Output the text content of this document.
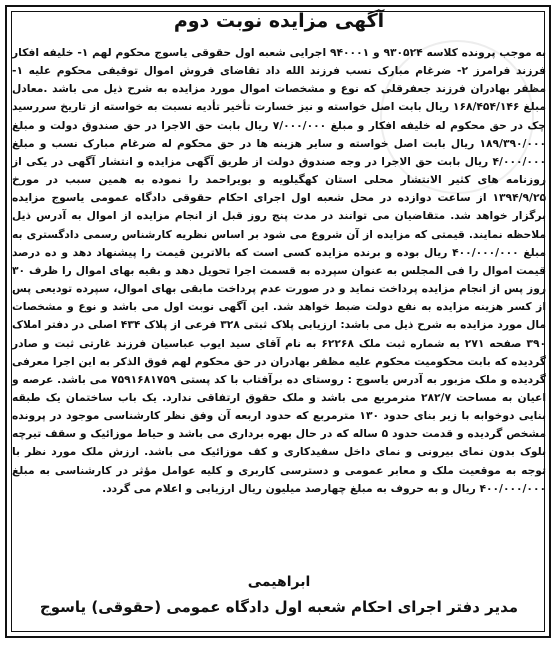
آگهی مزایده نوبت دوم

به موجب پرونده کلاسه ۹۳۰۵۲۴ و ۹۴۰۰۰۱ اجرایی شعبه اول حقوقی یاسوج محکوم لهم ۱- خلیفه افکار فرزند فرامرز ۲- ضرغام مبارک نسب فرزند الله داد تقاضای فروش اموال توقیفی محکوم علیه ۱- مظفر بهادران فرزند جعفرقلی که نوع و مشخصات اموال مورد مزایده به شرح ذیل می باشد .معادل مبلغ ۱۶۸/۴۵۴/۱۴۶ ریال بابت اصل خواسته و نیز خسارت تأخیر تأدیه نسبت به خواسته از تاریخ سررسید چک در حق محکوم له خلیفه افکار و مبلغ ۷/۰۰۰/۰۰۰ ریال بابت حق الاجرا در حق صندوق دولت و مبلغ ۱۸۹/۳۹۰/۰۰۰ ریال بابت اصل خواسته و سایر هزینه ها در حق محکوم له ضرغام مبارک نسب و مبلغ ۴/۰۰۰/۰۰۰ ریال بابت حق الاجرا در وجه صندوق دولت از طریق آگهی مزایده و انتشار آگهی در یکی از روزنامه های کثیر الانتشار محلی استان کهگیلویه و بویراحمد را نموده به همین سبب در مورخ ۱۳۹۴/۹/۲۵ از ساعت دوازده در محل شعبه اول اجرای احکام حقوقی دادگاه عمومی یاسوج مزایده برگزار خواهد شد. متقاضیان می توانند در مدت پنج روز قبل از انجام مزایده از اموال به آدرس ذیل ملاحظه نمایند. قیمتی که مزایده از آن شروع می شود بر اساس نظریه کارشناس رسمی دادگستری به مبلغ ۴۰۰/۰۰۰/۰۰۰ ریال بوده و برنده مزایده کسی است که بالاترین قیمت را پیشنهاد دهد و ده درصد قیمت اموال را فی المجلس به عنوان سپرده به قسمت اجرا تحویل دهد و بقیه بهای اموال را ظرف ۳۰ روز پس از انجام مزایده پرداخت نماید و در صورت عدم پرداخت مابقی بهای اموال، سپرده تودیعی پس از کسر هزینه مزایده به نفع دولت ضبط خواهد شد. این آگهی نوبت اول می باشد و نوع و مشخصات مال مورد مزایده به شرح ذیل می باشد: ارزیابی پلاک ثبتی ۳۲۸ فرعی از پلاک ۴۳۴ اصلی در دفتر املاک ۳۹۰ صفحه ۲۷۱ به شماره ثبت ملک ۶۲۲۶۸ به نام آقای سید ایوب عباسیان فرزند غارتی ثبت و صادر گردیده که بابت محکومیت محکوم علیه مظفر بهادران در حق محکوم لهم فوق الذکر به این اجرا معرفی گردیده و ملک مزبور به آدرس یاسوج : روستای ده برآفتاب با کد پستی ۷۵۹۱۶۸۱۷۵۹ می باشد. عرصه و اعیان به مساحت ۲۸۲/۷ مترمربع می باشد و ملک حقوق ارتفاقی ندارد. یک باب ساختمان یک طبقه بنایی دوخوابه با زیر بنای حدود ۱۳۰ مترمربع که حدود اربعه آن وفق نظر کارشناسی موجود در پرونده مشخص گردیده و قدمت حدود ۵ ساله که در حال بهره برداری می باشد و حیاط موزائیک و سقف تیرچه بلوک بدون نمای بیرونی و نمای داخل سفیدکاری و کف موزائیک می باشد. ارزش ملک مورد نظر با توجه به موقعیت ملک و معابر عمومی و دسترسی کاربری و کلیه عوامل مؤثر در کارشناسی به مبلغ ۴۰۰/۰۰۰/۰۰۰ ریال و به حروف به مبلغ چهارصد میلیون ریال ارزیابی و اعلام می گردد.

ابراهیمی
مدیر دفتر اجرای احکام شعبه اول دادگاه عمومی (حقوقی) یاسوج
